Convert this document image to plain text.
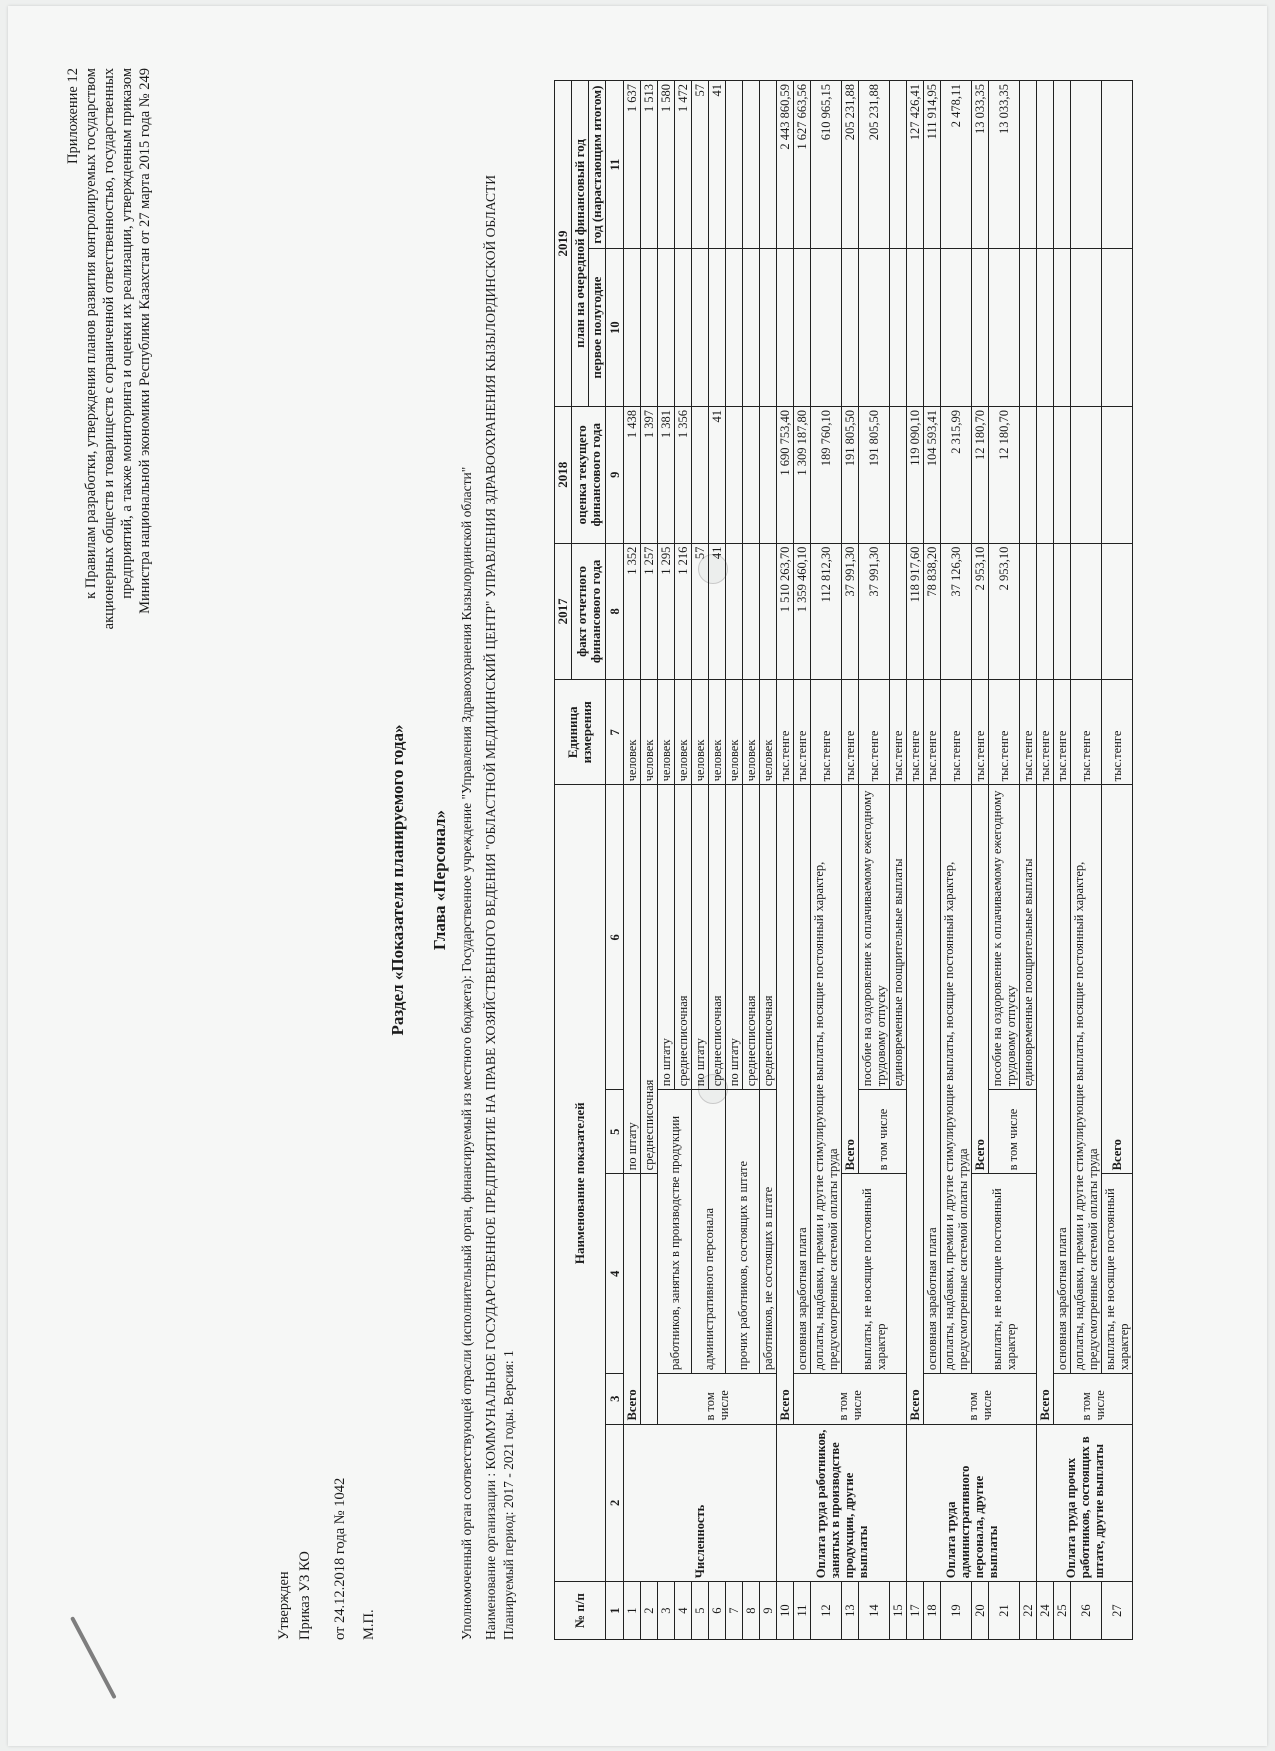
Приложение 12 к Правилам разработки, утверждения планов развития контролируемых государством акционерных обществ и товариществ с ограниченной ответственностью, государственных предприятий, а также мониторинга и оценки их реализации, утвержденным приказом Министра национальной экономики Республики Казахстан от 27 марта 2015 года № 249
Утвержден Приказ УЗ КО от 24.12.2018 года № 1042 М.П.
Раздел «Показатели планируемого года» Глава «Персонал» Уполномоченный орган соответствующей отрасли (исполнительный орган, финансируемый из местного бюджета): Государственное учреждение "Управления Здравоохранения Кызылординской области" Наименование организации : КОММУНАЛЬНОЕ ГОСУДАРСТВЕННОЕ ПРЕДПРИЯТИЕ НА ПРАВЕ ХОЗЯЙСТВЕННОГО ВЕДЕНИЯ "ОБЛАСТНОЙ МЕДИЦИНСКИЙ ЦЕНТР" УПРАВЛЕНИЯ ЗДРАВООХРАНЕНИЯ КЫЗЫЛОРДИНСКОЙ ОБЛАСТИ Планируемый период: 2017 - 2021 годы. Версия: 1	№ п/п	Наименование показателей					Единица измерения	2017	2018	2019	
							факт отчетного финансового года	оценка текущего финансового года	план на очередной финансовый год	
									первое полугодие	год (нарастающим итогом)
1	2	3	4	5	6	7	8	9	10	11
1	Численность	Всего		по штату		человек	1 352	1 438		1 637
2				среднесписочная		человек	1 257	1 397		1 513
3		в том числе	работников, занятых в производстве продукции		по штату	человек	1 295	1 381		1 580
4					среднесписочная	человек	1 216	1 356		1 472
5			административного персонала		по штату	человек	57			57
6					среднесписочная	человек	41	41		41
7			прочих работников, состоящих в штате		по штату	человек				
8					среднесписочная	человек				
9			работников, не состоящих в штате		среднесписочная	человек				
10	Оплата труда работников, занятых в производстве продукции, другие выплаты	Всего				тыс.тенге	1 510 263,70	1 690 753,40		2 443 860,59
11		в том числе	основная заработная плата			тыс.тенге	1 359 460,10	1 309 187,80		1 627 663,56
12			доплаты, надбавки, премии и другие стимулирующие выплаты, носящие постоянный характер, предусмотренные системой оплаты труда			тыс.тенге	112 812,30	189 760,10		610 965,15
13			выплаты, не носящие постоянный характер	Всего		тыс.тенге	37 991,30	191 805,50		205 231,88
14				в том числе	пособие на оздоровление к оплачиваемому ежегодному трудовому отпуску	тыс.тенге	37 991,30	191 805,50		205 231,88
15					единовременные поощрительные выплаты	тыс.тенге				
17	Оплата труда административного персонала, другие выплаты	Всего				тыс.тенге	118 917,60	119 090,10		127 426,41
18		в том числе	основная заработная плата			тыс.тенге	78 838,20	104 593,41		111 914,95
19			доплаты, надбавки, премии и другие стимулирующие выплаты, носящие постоянный характер, предусмотренные системой оплаты труда			тыс.тенге	37 126,30	2 315,99		2 478,11
20			выплаты, не носящие постоянный характер	Всего		тыс.тенге	2 953,10	12 180,70		13 033,35
21				в том числе	пособие на оздоровление к оплачиваемому ежегодному трудовому отпуску	тыс.тенге	2 953,10	12 180,70		13 033,35
22					единовременные поощрительные выплаты	тыс.тенге				
24	Оплата труда прочих работников, состоящих в штате, другие выплаты	Всего				тыс.тенге				
25		в том числе	основная заработная плата			тыс.тенге				
26			доплаты, надбавки, премии и другие стимулирующие выплаты, носящие постоянный характер, предусмотренные системой оплаты труда			тыс.тенге				
27			выплаты, не носящие постоянный характер	Всего		тыс.тенге				
